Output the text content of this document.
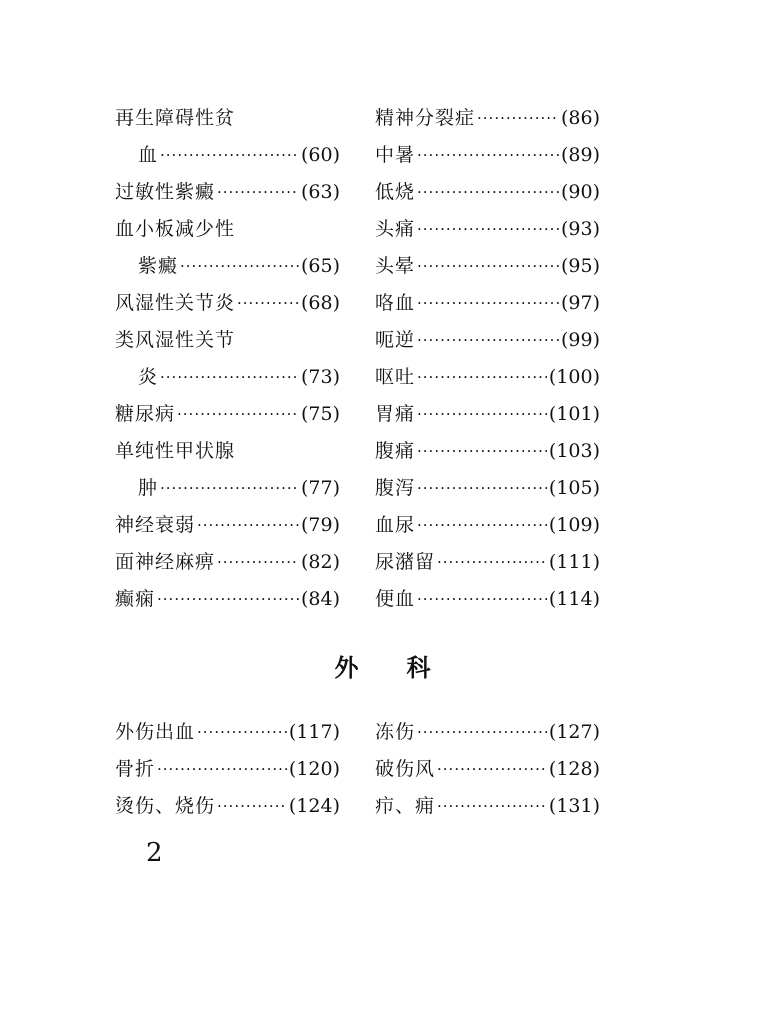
再生障碍性贫
血 ·····	(60)
过敏性紫癜 ·····	(63)
血小板减少性
紫癜 ·····	(65)
风湿性关节炎 ·····	(68)
类风湿性关节
炎 ·····	(73)
糖尿病 ·····	(75)
单纯性甲状腺
肿 ·····	(77)
神经衰弱 ·····	(79)
面神经麻痹 ·····	(82)
癫痫 ·····	(84)
精神分裂症 ·····	(86)
中暑 ·····	(89)
低烧 ·····	(90)
头痛 ·····	(93)
头晕 ·····	(95)
咯血 ·····	(97)
呃逆 ·····	(99)
呕吐 ·····	(100)
胃痛 ·····	(101)
腹痛 ·····	(103)
腹泻 ·····	(105)
血尿 ·····	(109)
尿潴留 ·····	(111)
便血 ·····	(114)
外科
外伤出血 ·····	(117)
骨折 ·····	(120)
烫伤、烧伤 ·····	(124)
冻伤 ·····	(127)
破伤风 ·····	(128)
疖、痈 ·····	(131)
2
